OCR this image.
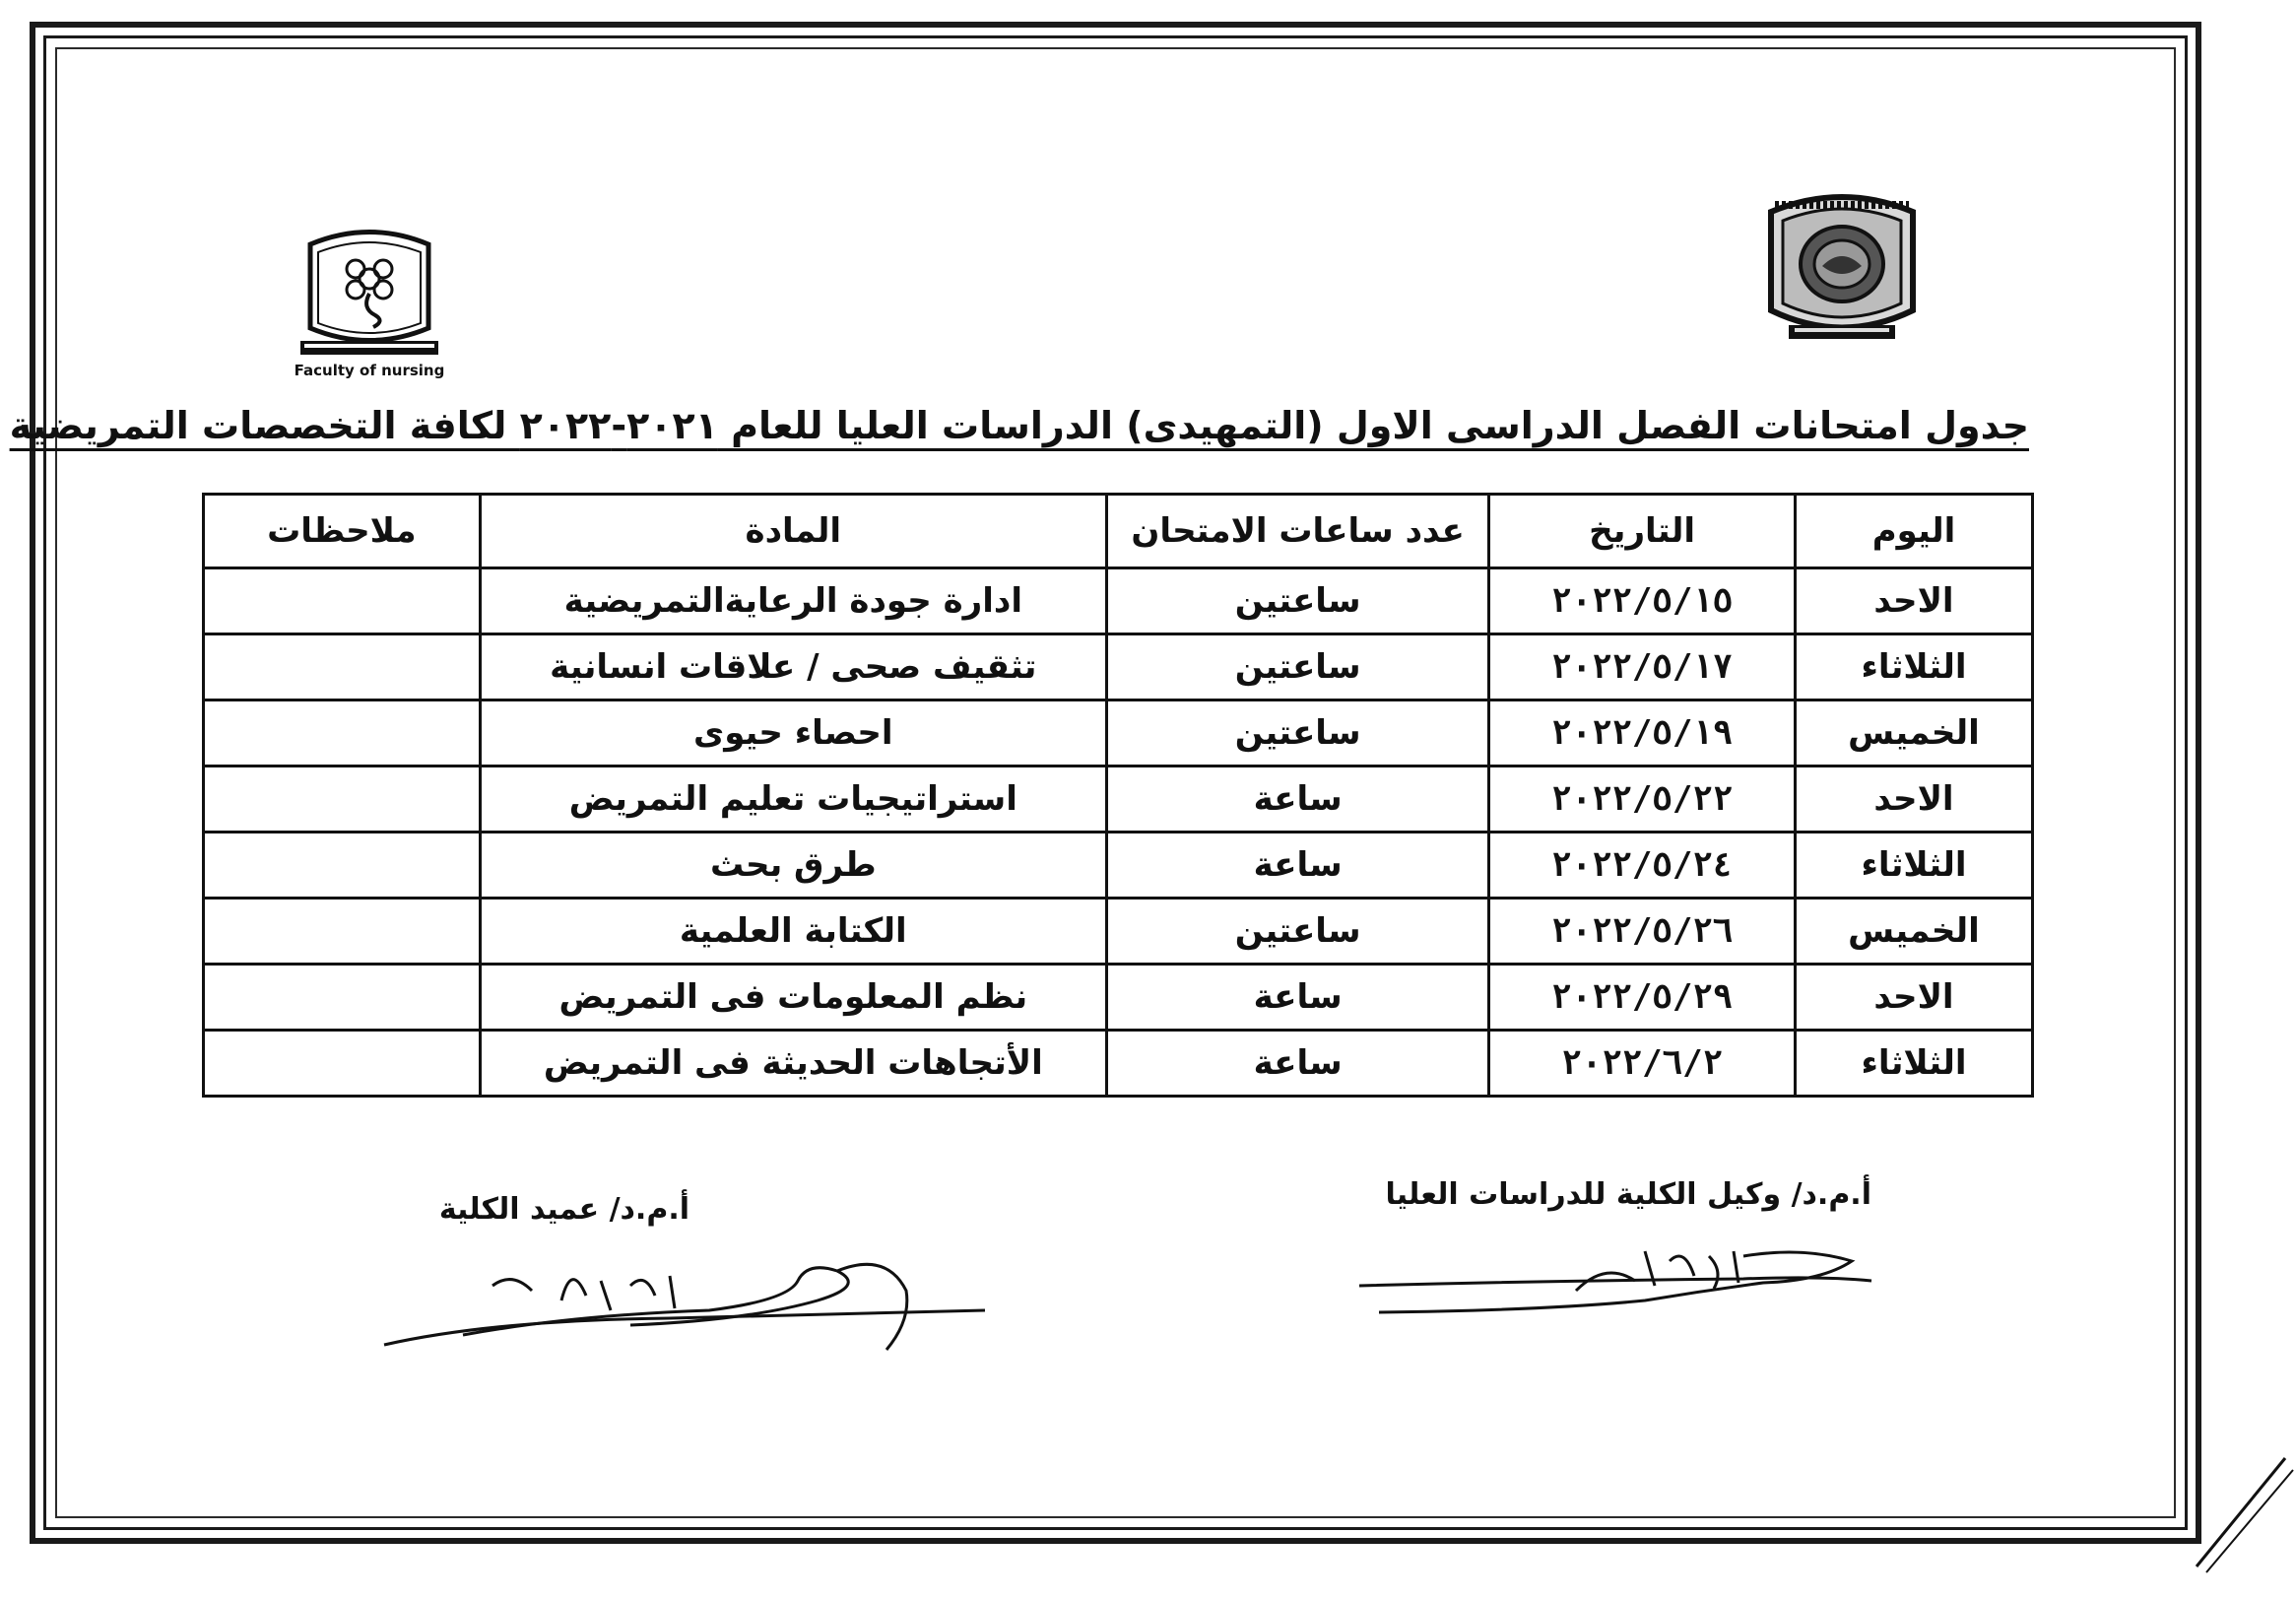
Faculty of nursing
جدول امتحانات الفصل الدراسى الاول (التمهيدى) الدراسات العليا للعام ٢٠٢١-٢٠٢٢ لكافة التخصصات التمريضية
اليوم	التاريخ	عدد ساعات الامتحان	المادة	ملاحظات
الاحد	٢٠٢٢/٥/١٥	ساعتين	ادارة جودة الرعايةالتمريضية	
الثلاثاء	٢٠٢٢/٥/١٧	ساعتين	تثقيف صحى / علاقات انسانية	
الخميس	٢٠٢٢/٥/١٩	ساعتين	احصاء حيوى	
الاحد	٢٠٢٢/٥/٢٢	ساعة	استراتيجيات تعليم التمريض	
الثلاثاء	٢٠٢٢/٥/٢٤	ساعة	طرق بحث	
الخميس	٢٠٢٢/٥/٢٦	ساعتين	الكتابة العلمية	
الاحد	٢٠٢٢/٥/٢٩	ساعة	نظم المعلومات فى التمريض	
الثلاثاء	٢٠٢٢/٦/٢	ساعة	الأتجاهات الحديثة فى التمريض	
أ.م.د/ عميد الكلية	أ.م.د/ وكيل الكلية للدراسات العليا
